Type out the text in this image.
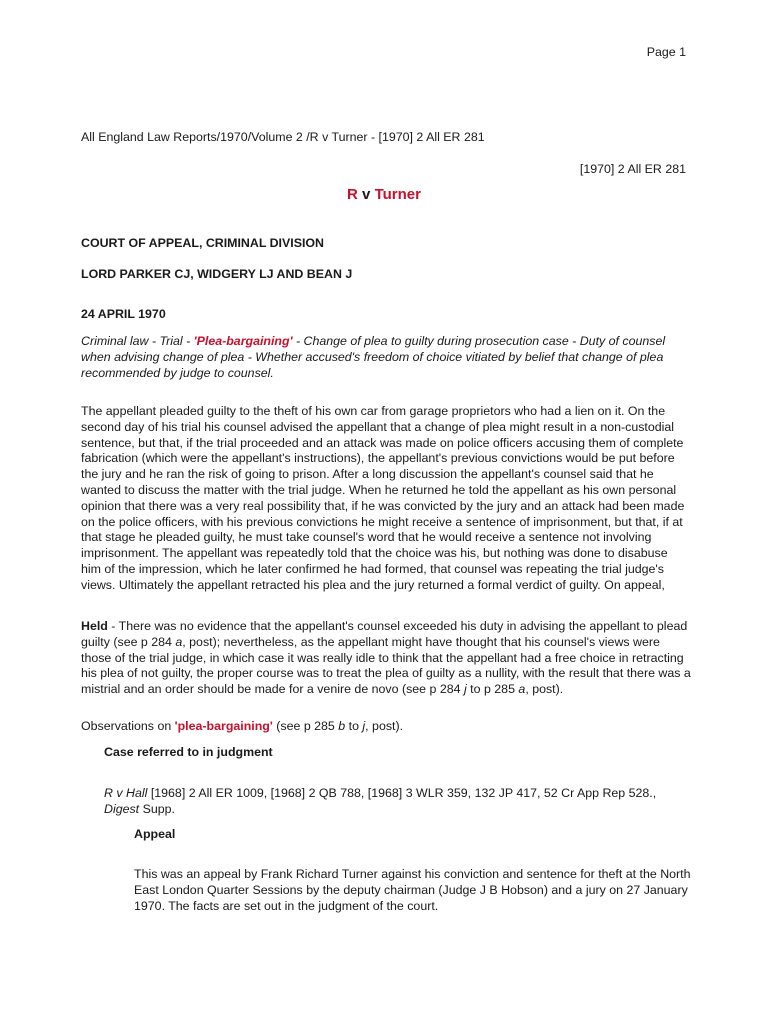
Page 1
All England Law Reports/1970/Volume 2 /R v Turner - [1970] 2 All ER 281
[1970] 2 All ER 281
R v Turner
COURT OF APPEAL, CRIMINAL DIVISION
LORD PARKER CJ, WIDGERY LJ AND BEAN J
24 APRIL 1970

Criminal law - Trial - 'Plea-bargaining' - Change of plea to guilty during prosecution case - Duty of counsel when advising change of plea - Whether accused's freedom of choice vitiated by belief that change of plea recommended by judge to counsel.

The appellant pleaded guilty to the theft of his own car from garage proprietors who had a lien on it. On the second day of his trial his counsel advised the appellant that a change of plea might result in a non-custodial sentence, but that, if the trial proceeded and an attack was made on police officers accusing them of complete fabrication (which were the appellant's instructions), the appellant's previous convictions would be put before the jury and he ran the risk of going to prison. After a long discussion the appellant's counsel said that he wanted to discuss the matter with the trial judge. When he returned he told the appellant as his own personal opinion that there was a very real possibility that, if he was convicted by the jury and an attack had been made on the police officers, with his previous convictions he might receive a sentence of imprisonment, but that, if at that stage he pleaded guilty, he must take counsel's word that he would receive a sentence not involving imprisonment. The appellant was repeatedly told that the choice was his, but nothing was done to disabuse him of the impression, which he later confirmed he had formed, that counsel was repeating the trial judge's views. Ultimately the appellant retracted his plea and the jury returned a formal verdict of guilty. On appeal,

Held - There was no evidence that the appellant's counsel exceeded his duty in advising the appellant to plead guilty (see p 284 a, post); nevertheless, as the appellant might have thought that his counsel's views were those of the trial judge, in which case it was really idle to think that the appellant had a free choice in retracting his plea of not guilty, the proper course was to treat the plea of guilty as a nullity, with the result that there was a mistrial and an order should be made for a venire de novo (see p 284 j to p 285 a, post).

Observations on 'plea-bargaining' (see p 285 b to j, post).

Case referred to in judgment

R v Hall [1968] 2 All ER 1009, [1968] 2 QB 788, [1968] 3 WLR 359, 132 JP 417, 52 Cr App Rep 528., Digest Supp.

Appeal

This was an appeal by Frank Richard Turner against his conviction and sentence for theft at the North East London Quarter Sessions by the deputy chairman (Judge J B Hobson) and a jury on 27 January 1970. The facts are set out in the judgment of the court.
